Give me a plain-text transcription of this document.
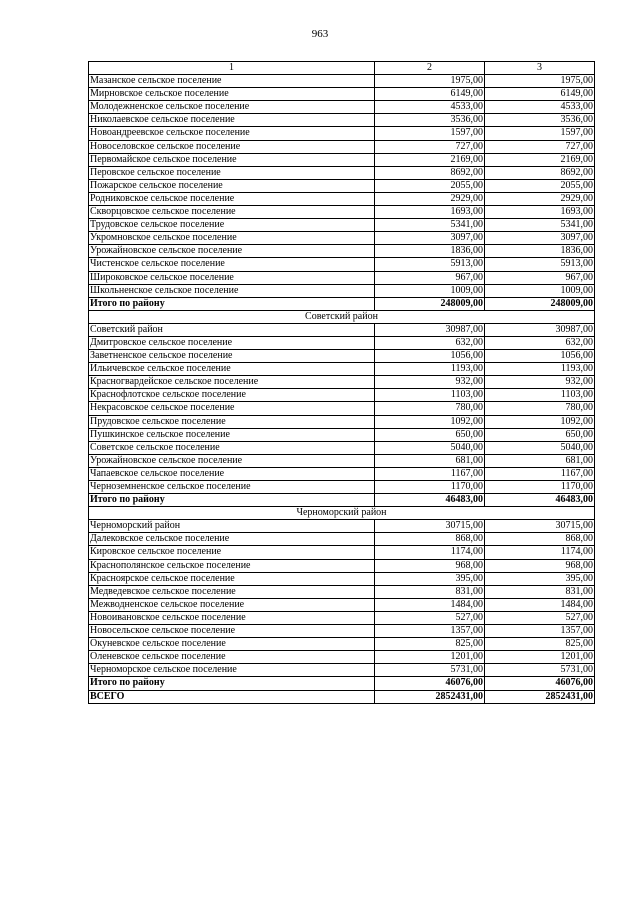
963
1	2	3
Мазанское сельское поселение	1975,00	1975,00
Мирновское сельское поселение	6149,00	6149,00
Молодежненское сельское поселение	4533,00	4533,00
Николаевское сельское поселение	3536,00	3536,00
Новоандреевское сельское поселение	1597,00	1597,00
Новоселовское сельское поселение	727,00	727,00
Первомайское сельское поселение	2169,00	2169,00
Перовское сельское поселение	8692,00	8692,00
Пожарское сельское поселение	2055,00	2055,00
Родниковское сельское поселение	2929,00	2929,00
Скворцовское сельское поселение	1693,00	1693,00
Трудовское сельское поселение	5341,00	5341,00
Укромновское сельское поселение	3097,00	3097,00
Урожайновское сельское поселение	1836,00	1836,00
Чистенское сельское поселение	5913,00	5913,00
Широковское сельское поселение	967,00	967,00
Школьненское сельское поселение	1009,00	1009,00
Итого по району	248009,00	248009,00
Советский район		
Советский район	30987,00	30987,00
Дмитровское сельское поселение	632,00	632,00
Заветненское сельское поселение	1056,00	1056,00
Ильичевское сельское поселение	1193,00	1193,00
Красногвардейское сельское поселение	932,00	932,00
Краснофлотское сельское поселение	1103,00	1103,00
Некрасовское сельское поселение	780,00	780,00
Прудовское сельское поселение	1092,00	1092,00
Пушкинское сельское поселение	650,00	650,00
Советское сельское поселение	5040,00	5040,00
Урожайновское сельское поселение	681,00	681,00
Чапаевское сельское поселение	1167,00	1167,00
Черноземненское сельское поселение	1170,00	1170,00
Итого по району	46483,00	46483,00
Черноморский район		
Черноморский район	30715,00	30715,00
Далековское сельское поселение	868,00	868,00
Кировское сельское поселение	1174,00	1174,00
Краснополянское сельское поселение	968,00	968,00
Красноярское сельское поселение	395,00	395,00
Медведевское сельское поселение	831,00	831,00
Межводненское сельское поселение	1484,00	1484,00
Новоивановское сельское поселение	527,00	527,00
Новосельское сельское поселение	1357,00	1357,00
Окуневское сельское поселение	825,00	825,00
Оленевское сельское поселение	1201,00	1201,00
Черноморское сельское поселение	5731,00	5731,00
Итого по району	46076,00	46076,00
ВСЕГО	2852431,00	2852431,00
